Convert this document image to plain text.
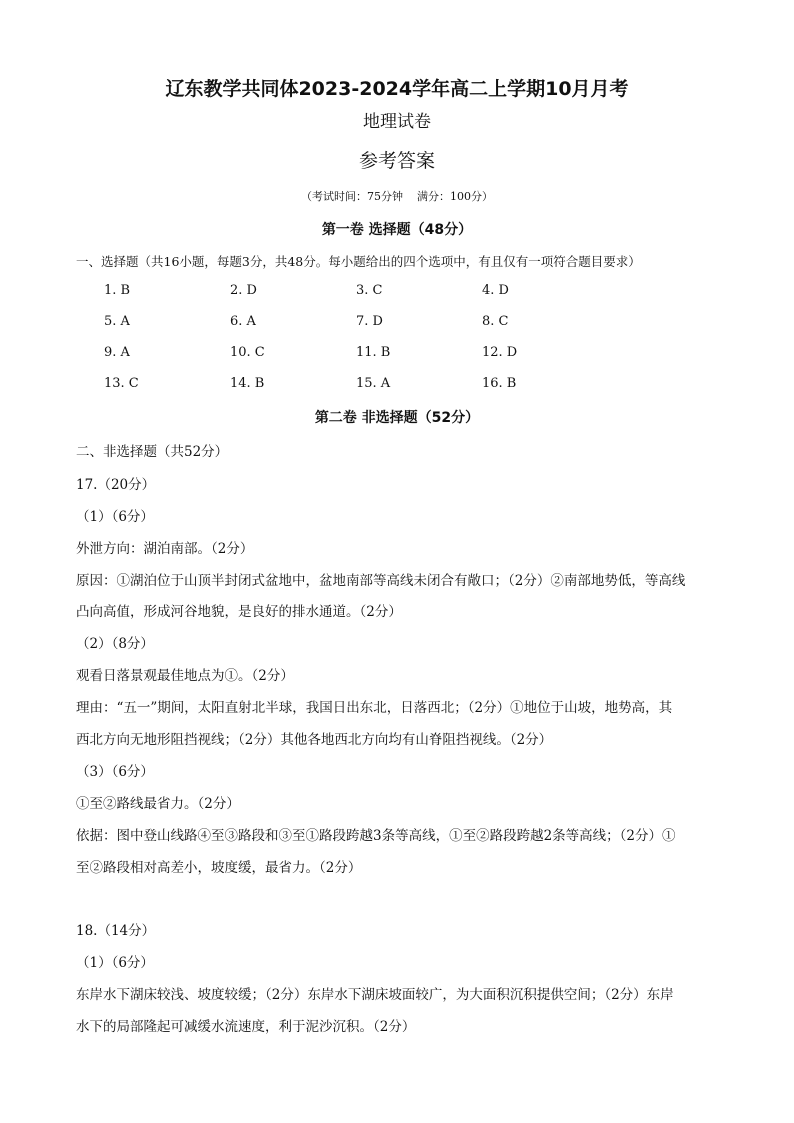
辽东教学共同体2023-2024学年高二上学期10月月考
地理试卷
参考答案
（考试时间：75分钟    满分：100分）
第一卷 选择题（48分）
一、选择题（共16小题，每题3分，共48分。每小题给出的四个选项中，有且仅有一项符合题目要求）
1. B	2. D	3. C	4. D
5. A	6. A	7. D	8. C
9. A	10. C	11. B	12. D
13. C	14. B	15. A	16. B
第二卷 非选择题（52分）
二、非选择题（共52分）
17.（20分）
（1）（6分）
外泄方向：湖泊南部。（2分）
原因：①湖泊位于山顶半封闭式盆地中，盆地南部等高线未闭合有敞口；（2分）②南部地势低，等高线
凸向高值，形成河谷地貌，是良好的排水通道。（2分）
（2）（8分）
观看日落景观最佳地点为①。（2分）
理由：“五一”期间，太阳直射北半球，我国日出东北，日落西北；（2分）①地位于山坡，地势高，其
西北方向无地形阻挡视线；（2分）其他各地西北方向均有山脊阻挡视线。（2分）
（3）（6分）
①至②路线最省力。（2分）
依据：图中登山线路④至③路段和③至①路段跨越3条等高线，①至②路段跨越2条等高线；（2分）①
至②路段相对高差小，坡度缓，最省力。（2分）
18.（14分）
（1）（6分）
东岸水下湖床较浅、坡度较缓；（2分）东岸水下湖床坡面较广，为大面积沉积提供空间；（2分）东岸
水下的局部隆起可减缓水流速度，利于泥沙沉积。（2分）
